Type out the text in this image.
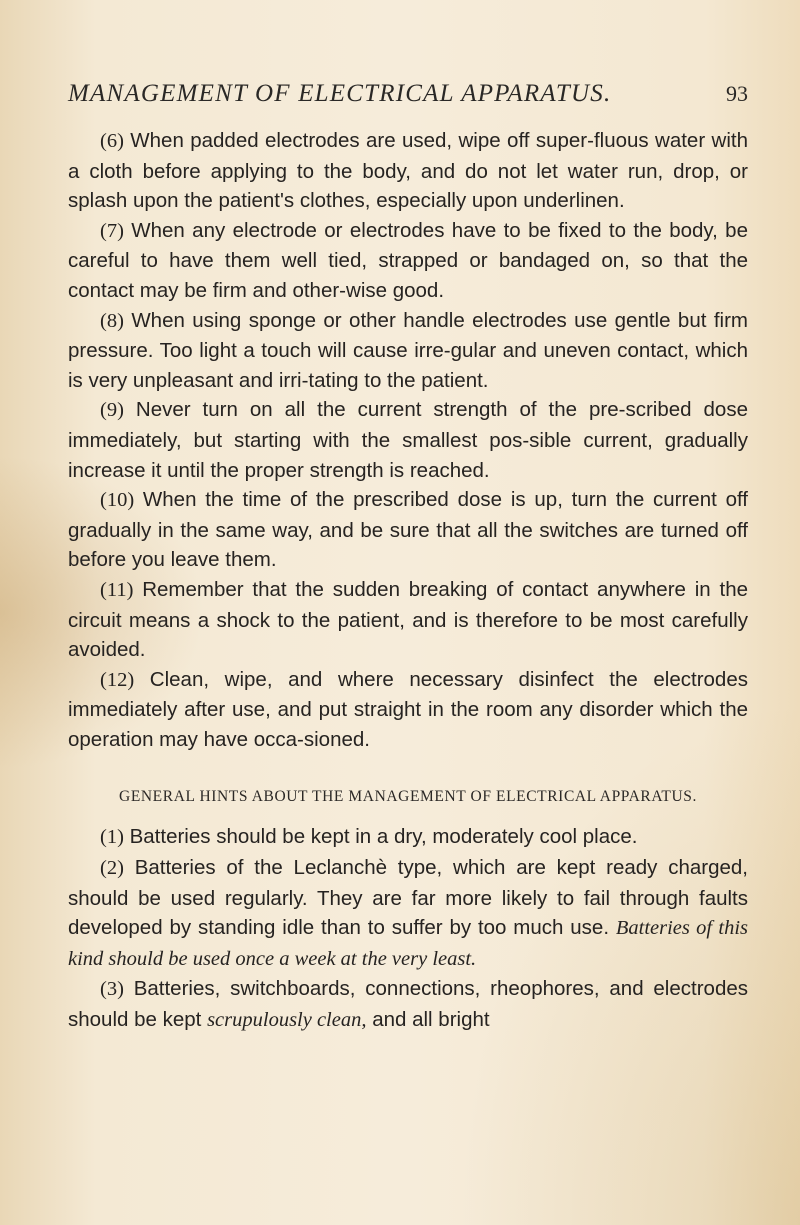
MANAGEMENT OF ELECTRICAL APPARATUS.	93

(6) When padded electrodes are used, wipe off super-fluous water with a cloth before applying to the body, and do not let water run, drop, or splash upon the patient's clothes, especially upon underlinen.

(7) When any electrode or electrodes have to be fixed to the body, be careful to have them well tied, strapped or bandaged on, so that the contact may be firm and other-wise good.

(8) When using sponge or other handle electrodes use gentle but firm pressure. Too light a touch will cause irre-gular and uneven contact, which is very unpleasant and irri-tating to the patient.

(9) Never turn on all the current strength of the pre-scribed dose immediately, but starting with the smallest pos-sible current, gradually increase it until the proper strength is reached.

(10) When the time of the prescribed dose is up, turn the current off gradually in the same way, and be sure that all the switches are turned off before you leave them.

(11) Remember that the sudden breaking of contact anywhere in the circuit means a shock to the patient, and is therefore to be most carefully avoided.

(12) Clean, wipe, and where necessary disinfect the electrodes immediately after use, and put straight in the room any disorder which the operation may have occa-sioned.

GENERAL HINTS ABOUT THE MANAGEMENT OF ELECTRICAL APPARATUS.

(1) Batteries should be kept in a dry, moderately cool place.

(2) Batteries of the Leclanchè type, which are kept ready charged, should be used regularly. They are far more likely to fail through faults developed by standing idle than to suffer by too much use. Batteries of this kind should be used once a week at the very least.

(3) Batteries, switchboards, connections, rheophores, and electrodes should be kept scrupulously clean, and all bright
